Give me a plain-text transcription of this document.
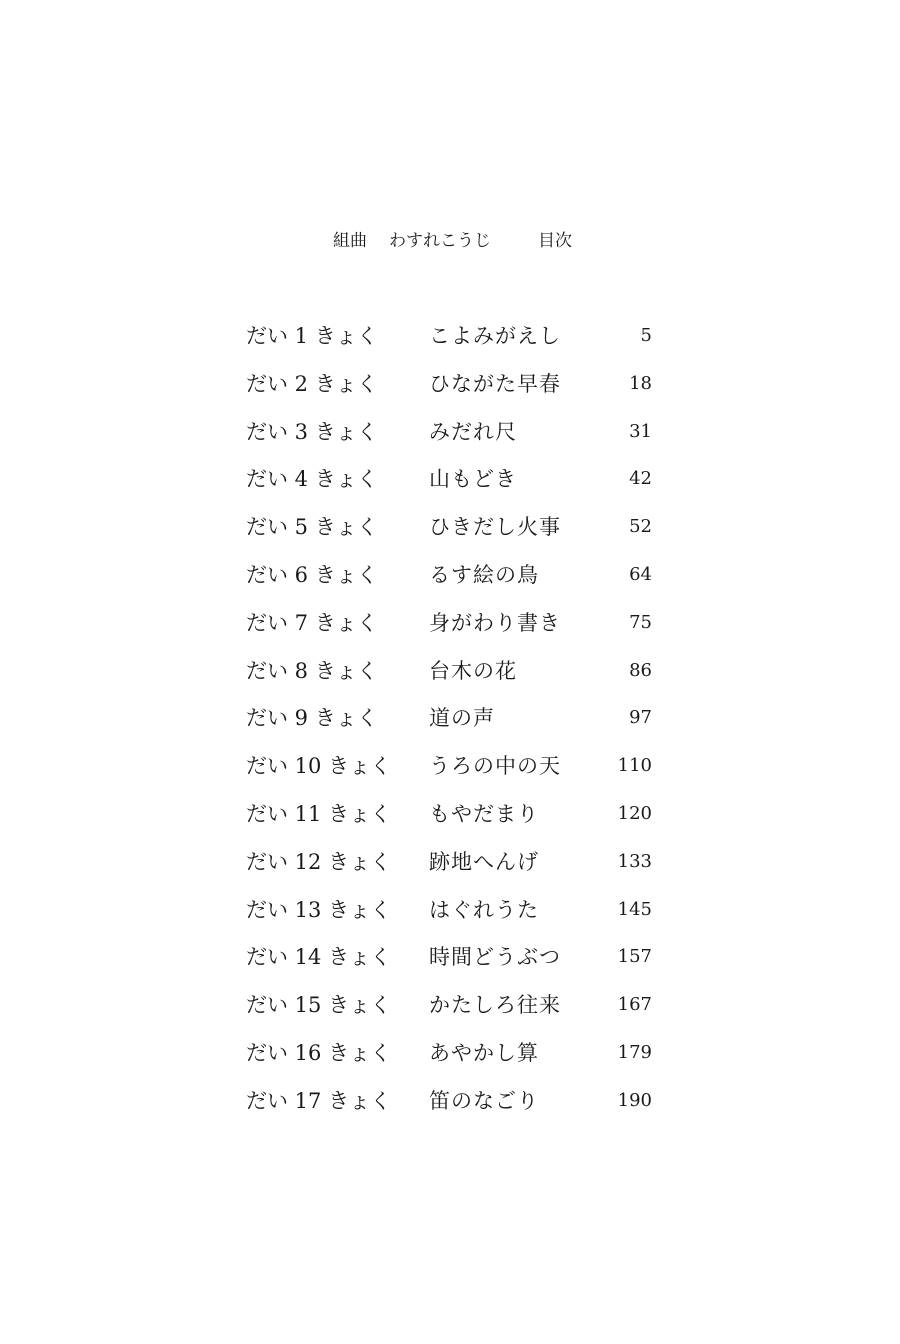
組曲 わすれこうじ	目次
だい 1 きょく こよみがえし	5
だい 2 きょく ひながた早春	18
だい 3 きょく みだれ尺	31
だい 4 きょく 山もどき	42
だい 5 きょく ひきだし火事	52
だい 6 きょく るす絵の鳥	64
だい 7 きょく 身がわり書き	75
だい 8 きょく 台木の花	86
だい 9 きょく 道の声	97
だい 10 きょく うろの中の天	110
だい 11 きょく もやだまり	120
だい 12 きょく 跡地へんげ	133
だい 13 きょく はぐれうた	145
だい 14 きょく 時間どうぶつ	157
だい 15 きょく かたしろ往来	167
だい 16 きょく あやかし算	179
だい 17 きょく 笛のなごり	190
